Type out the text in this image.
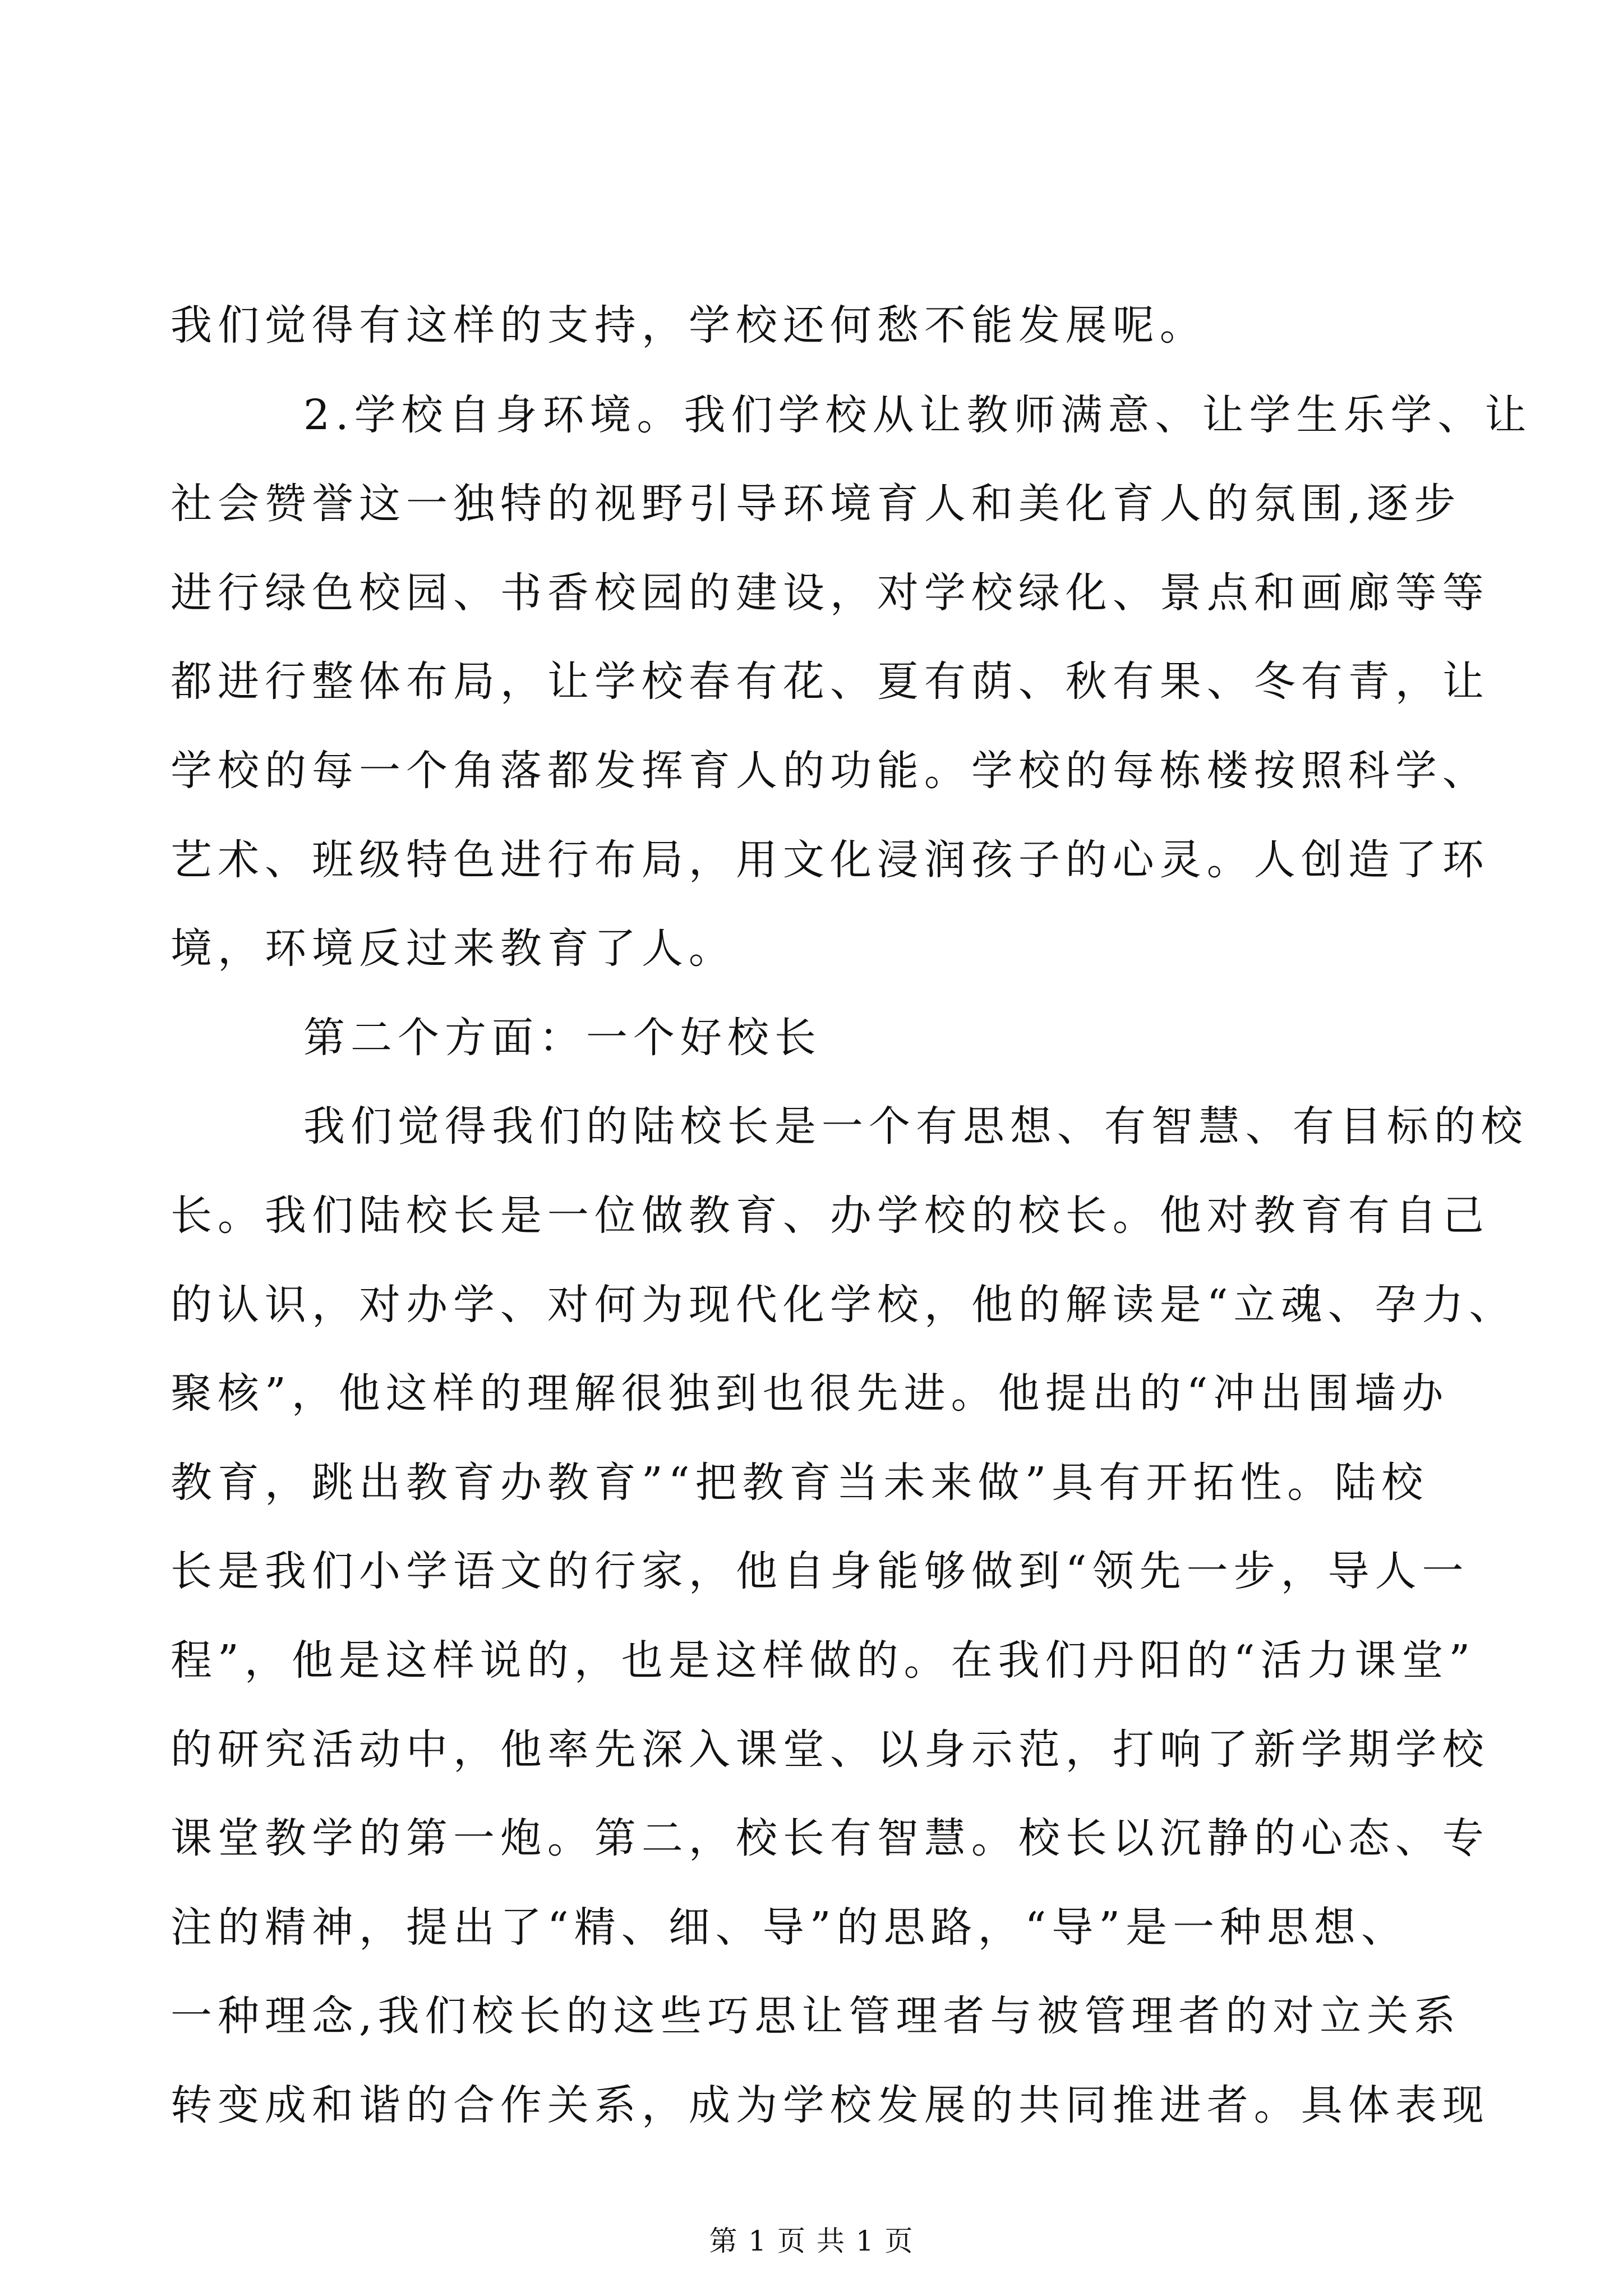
我们觉得有这样的支持，学校还何愁不能发展呢。
2.学校自身环境。我们学校从让教师满意、让学生乐学、让
社会赞誉这一独特的视野引导环境育人和美化育人的氛围,逐步
进行绿色校园、书香校园的建设，对学校绿化、景点和画廊等等
都进行整体布局，让学校春有花、夏有荫、秋有果、冬有青，让
学校的每一个角落都发挥育人的功能。学校的每栋楼按照科学、
艺术、班级特色进行布局，用文化浸润孩子的心灵。人创造了环
境，环境反过来教育了人。
第二个方面：一个好校长
我们觉得我们的陆校长是一个有思想、有智慧、有目标的校
长。我们陆校长是一位做教育、办学校的校长。他对教育有自己
的认识，对办学、对何为现代化学校，他的解读是“立魂、孕力、
聚核”，他这样的理解很独到也很先进。他提出的“冲出围墙办
教育，跳出教育办教育”“把教育当未来做”具有开拓性。陆校
长是我们小学语文的行家，他自身能够做到“领先一步，导人一
程”，他是这样说的，也是这样做的。在我们丹阳的“活力课堂”
的研究活动中，他率先深入课堂、以身示范，打响了新学期学校
课堂教学的第一炮。第二，校长有智慧。校长以沉静的心态、专
注的精神，提出了“精、细、导”的思路，“导”是一种思想、
一种理念,我们校长的这些巧思让管理者与被管理者的对立关系
转变成和谐的合作关系，成为学校发展的共同推进者。具体表现
第 1 页 共 1 页
